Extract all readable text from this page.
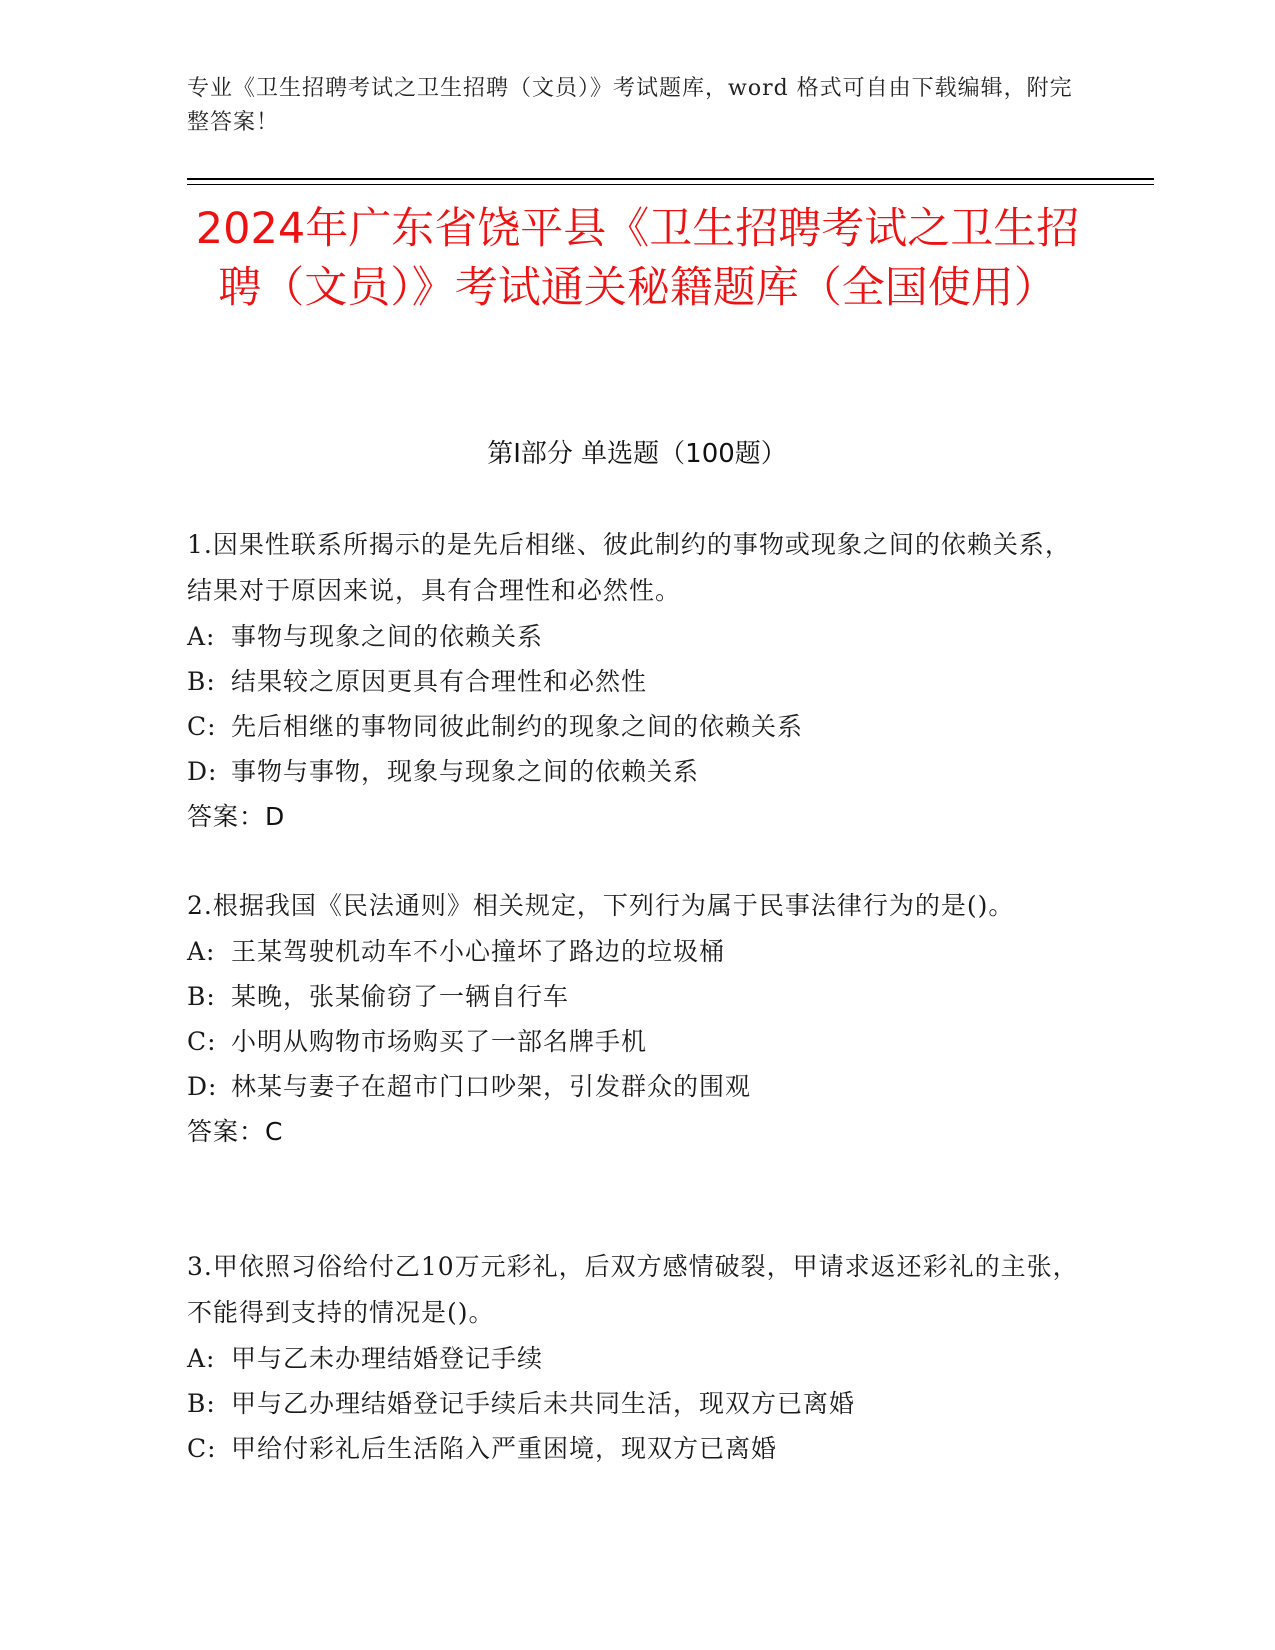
专业《卫生招聘考试之卫生招聘（文员）》考试题库，word 格式可自由下载编辑，附完整答案！
2024年广东省饶平县《卫生招聘考试之卫生招聘（文员）》考试通关秘籍题库（全国使用）
第Ⅰ部分 单选题（100题）
1.因果性联系所揭示的是先后相继、彼此制约的事物或现象之间的依赖关系，结果对于原因来说，具有合理性和必然性。
A: 事物与现象之间的依赖关系
B: 结果较之原因更具有合理性和必然性
C: 先后相继的事物同彼此制约的现象之间的依赖关系
D: 事物与事物，现象与现象之间的依赖关系
答案：D
2.根据我国《民法通则》相关规定，下列行为属于民事法律行为的是()。
A: 王某驾驶机动车不小心撞坏了路边的垃圾桶
B: 某晚，张某偷窃了一辆自行车
C: 小明从购物市场购买了一部名牌手机
D: 林某与妻子在超市门口吵架，引发群众的围观
答案：C
3.甲依照习俗给付乙10万元彩礼，后双方感情破裂，甲请求返还彩礼的主张，不能得到支持的情况是()。
A: 甲与乙未办理结婚登记手续
B: 甲与乙办理结婚登记手续后未共同生活，现双方已离婚
C: 甲给付彩礼后生活陷入严重困境，现双方已离婚
